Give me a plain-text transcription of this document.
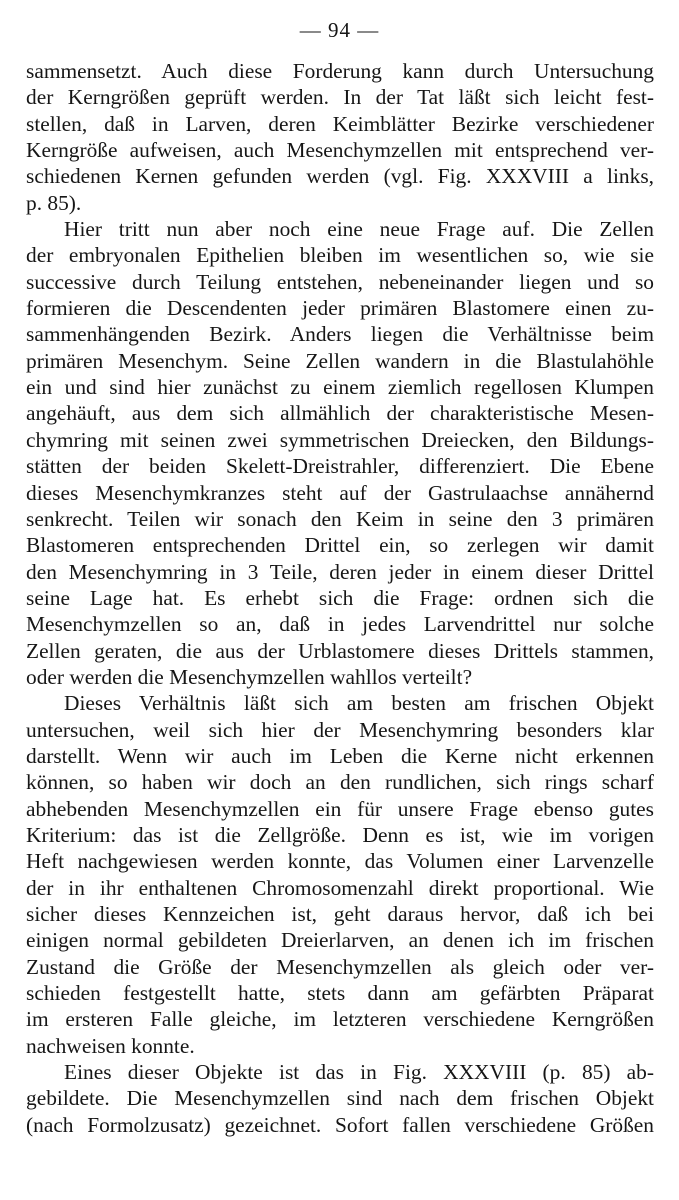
— 94 —
sammensetzt. Auch diese Forderung kann durch Untersuchung
der Kerngrößen geprüft werden. In der Tat läßt sich leicht fest-
stellen, daß in Larven, deren Keimblätter Bezirke verschiedener
Kerngröße aufweisen, auch Mesenchymzellen mit entsprechend ver-
schiedenen Kernen gefunden werden (vgl. Fig. XXXVIII a links,
p. 85).
Hier tritt nun aber noch eine neue Frage auf. Die Zellen
der embryonalen Epithelien bleiben im wesentlichen so, wie sie
successive durch Teilung entstehen, nebeneinander liegen und so
formieren die Descendenten jeder primären Blastomere einen zu-
sammenhängenden Bezirk. Anders liegen die Verhältnisse beim
primären Mesenchym. Seine Zellen wandern in die Blastulahöhle
ein und sind hier zunächst zu einem ziemlich regellosen Klumpen
angehäuft, aus dem sich allmählich der charakteristische Mesen-
chymring mit seinen zwei symmetrischen Dreiecken, den Bildungs-
stätten der beiden Skelett-Dreistrahler, differenziert. Die Ebene
dieses Mesenchymkranzes steht auf der Gastrulaachse annähernd
senkrecht. Teilen wir sonach den Keim in seine den 3 primären
Blastomeren entsprechenden Drittel ein, so zerlegen wir damit
den Mesenchymring in 3 Teile, deren jeder in einem dieser Drittel
seine Lage hat. Es erhebt sich die Frage: ordnen sich die
Mesenchymzellen so an, daß in jedes Larvendrittel nur solche
Zellen geraten, die aus der Urblastomere dieses Drittels stammen,
oder werden die Mesenchymzellen wahllos verteilt?
Dieses Verhältnis läßt sich am besten am frischen Objekt
untersuchen, weil sich hier der Mesenchymring besonders klar
darstellt. Wenn wir auch im Leben die Kerne nicht erkennen
können, so haben wir doch an den rundlichen, sich rings scharf
abhebenden Mesenchymzellen ein für unsere Frage ebenso gutes
Kriterium: das ist die Zellgröße. Denn es ist, wie im vorigen
Heft nachgewiesen werden konnte, das Volumen einer Larvenzelle
der in ihr enthaltenen Chromosomenzahl direkt proportional. Wie
sicher dieses Kennzeichen ist, geht daraus hervor, daß ich bei
einigen normal gebildeten Dreierlarven, an denen ich im frischen
Zustand die Größe der Mesenchymzellen als gleich oder ver-
schieden festgestellt hatte, stets dann am gefärbten Präparat
im ersteren Falle gleiche, im letzteren verschiedene Kerngrößen
nachweisen konnte.
Eines dieser Objekte ist das in Fig. XXXVIII (p. 85) ab-
gebildete. Die Mesenchymzellen sind nach dem frischen Objekt
(nach Formolzusatz) gezeichnet. Sofort fallen verschiedene Größen
